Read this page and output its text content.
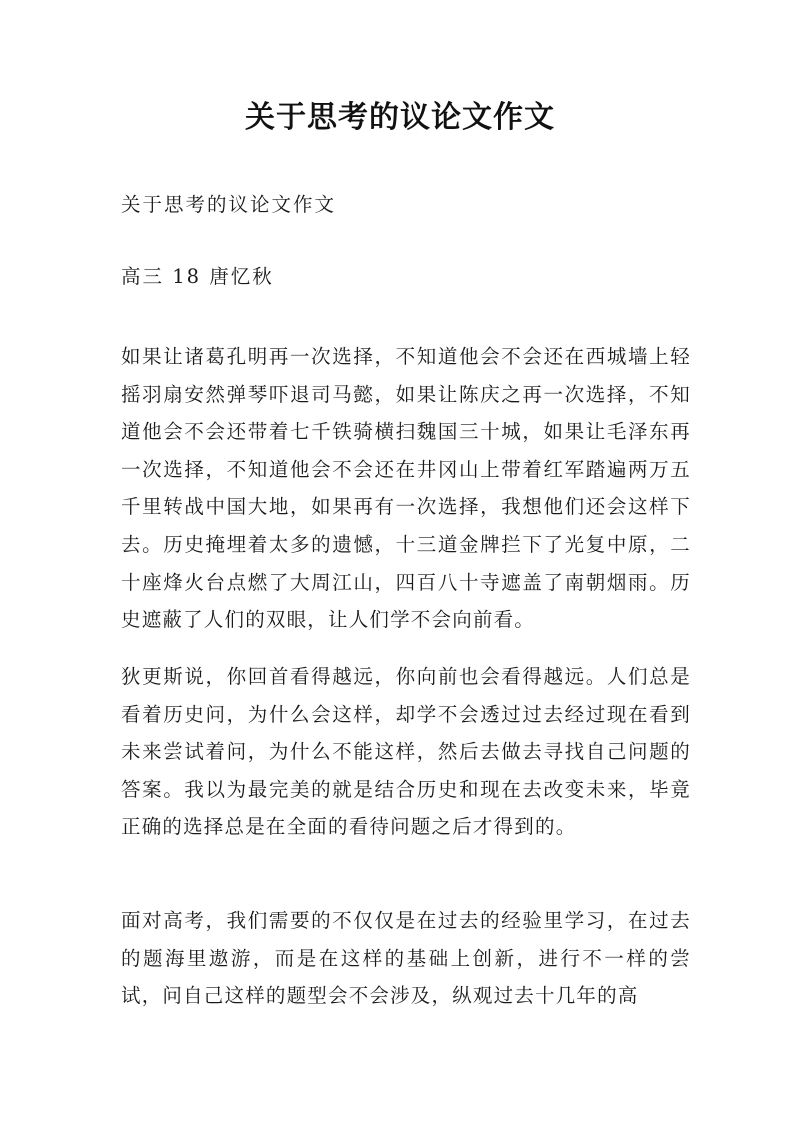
关于思考的议论文作文
关于思考的议论文作文
高三 18 唐忆秋
如果让诸葛孔明再一次选择，不知道他会不会还在西城墙上轻摇羽扇安然弹琴吓退司马懿，如果让陈庆之再一次选择，不知道他会不会还带着七千铁骑横扫魏国三十城，如果让毛泽东再一次选择，不知道他会不会还在井冈山上带着红军踏遍两万五千里转战中国大地，如果再有一次选择，我想他们还会这样下去。历史掩埋着太多的遗憾，十三道金牌拦下了光复中原，二十座烽火台点燃了大周江山，四百八十寺遮盖了南朝烟雨。历史遮蔽了人们的双眼，让人们学不会向前看。
狄更斯说，你回首看得越远，你向前也会看得越远。人们总是看着历史问，为什么会这样，却学不会透过过去经过现在看到未来尝试着问，为什么不能这样，然后去做去寻找自己问题的答案。我以为最完美的就是结合历史和现在去改变未来，毕竟正确的选择总是在全面的看待问题之后才得到的。
面对高考，我们需要的不仅仅是在过去的经验里学习，在过去的题海里遨游，而是在这样的基础上创新，进行不一样的尝试，问自己这样的题型会不会涉及，纵观过去十几年的高
